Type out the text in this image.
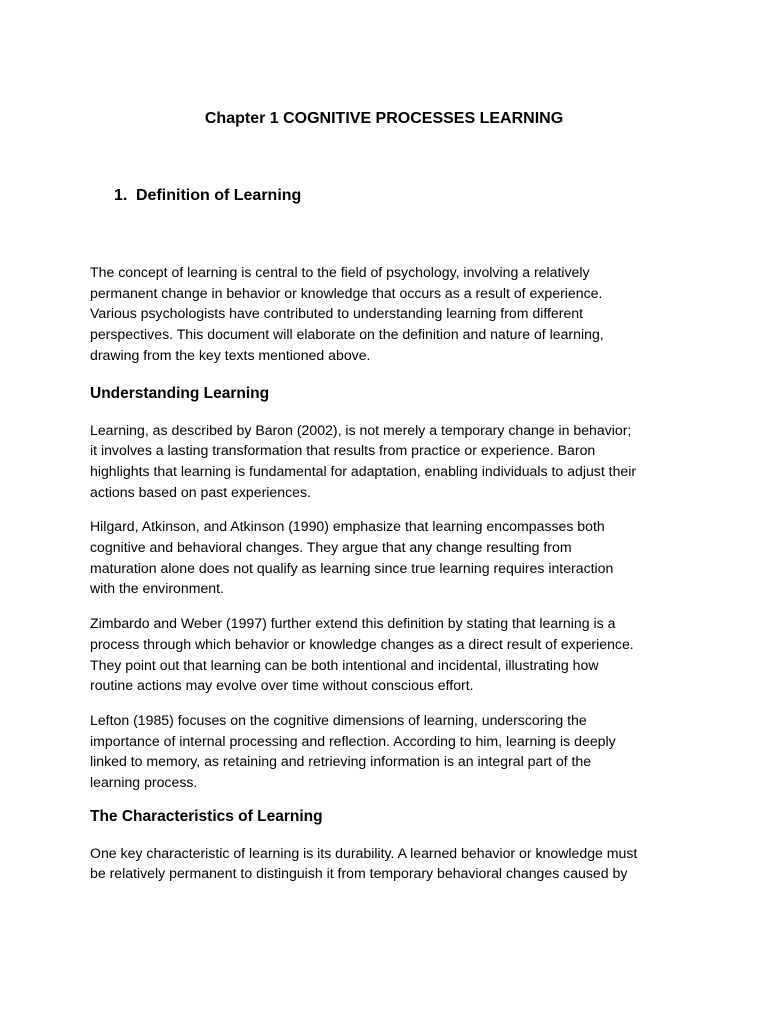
Chapter 1 COGNITIVE PROCESSES LEARNING
1. Definition of Learning

The concept of learning is central to the field of psychology, involving a relatively
permanent change in behavior or knowledge that occurs as a result of experience.
Various psychologists have contributed to understanding learning from different
perspectives. This document will elaborate on the definition and nature of learning,
drawing from the key texts mentioned above.

Understanding Learning

Learning, as described by Baron (2002), is not merely a temporary change in behavior;
it involves a lasting transformation that results from practice or experience. Baron
highlights that learning is fundamental for adaptation, enabling individuals to adjust their
actions based on past experiences.

Hilgard, Atkinson, and Atkinson (1990) emphasize that learning encompasses both
cognitive and behavioral changes. They argue that any change resulting from
maturation alone does not qualify as learning since true learning requires interaction
with the environment.

Zimbardo and Weber (1997) further extend this definition by stating that learning is a
process through which behavior or knowledge changes as a direct result of experience.
They point out that learning can be both intentional and incidental, illustrating how
routine actions may evolve over time without conscious effort.

Lefton (1985) focuses on the cognitive dimensions of learning, underscoring the
importance of internal processing and reflection. According to him, learning is deeply
linked to memory, as retaining and retrieving information is an integral part of the
learning process.

The Characteristics of Learning

One key characteristic of learning is its durability. A learned behavior or knowledge must
be relatively permanent to distinguish it from temporary behavioral changes caused by
